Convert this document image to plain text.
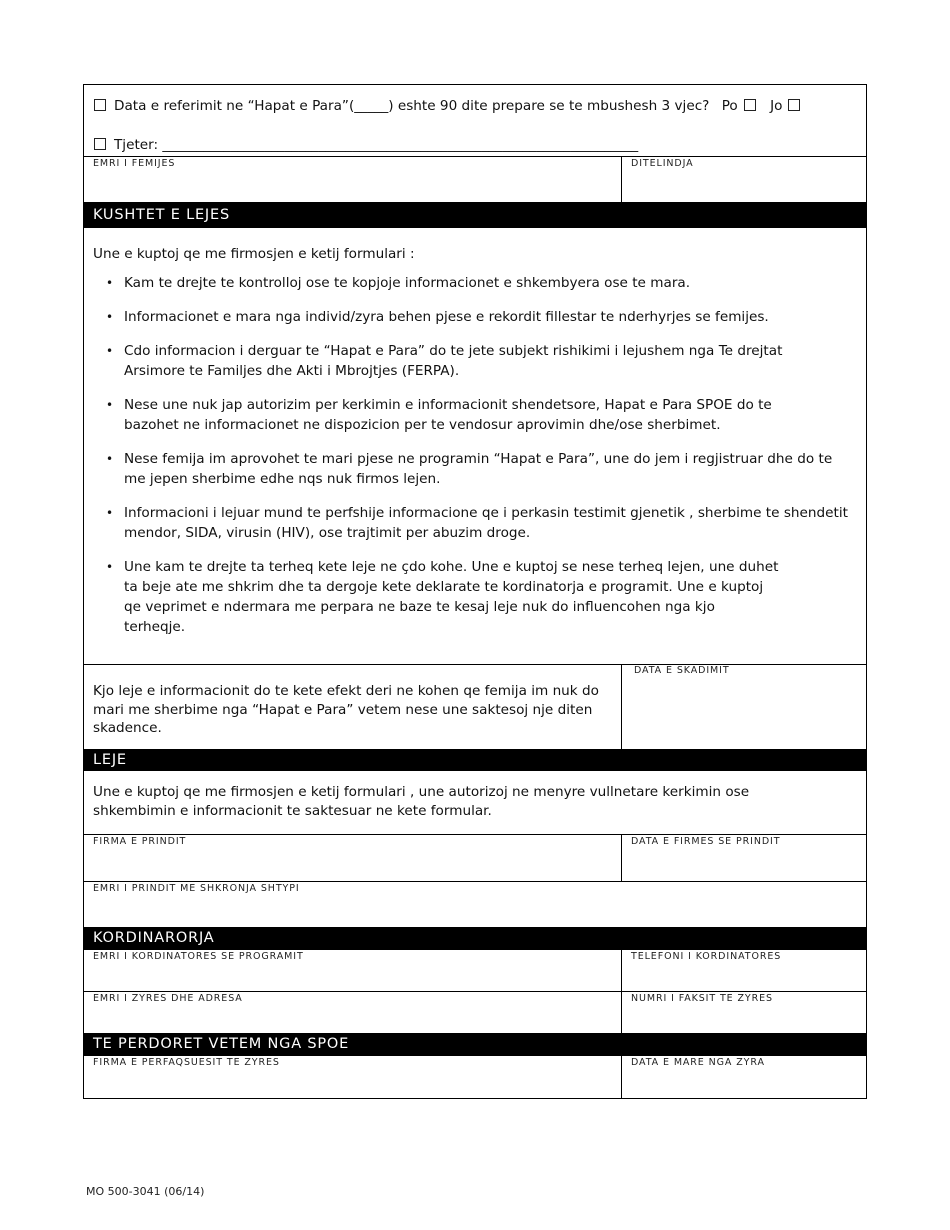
Data e referimit ne “Hapat e Para”(_____) eshte 90 dite prepare se te mbushesh 3 vjec? Po Jo
Tjeter: ______________________________________________________________________
EMRI I FEMIJES	DITELINDJA
KUSHTET E LEJES
Une e kuptoj qe me firmosjen e ketij formulari :
• Kam te drejte te kontrolloj ose te kopjoje informacionet e shkembyera ose te mara.
• Informacionet e mara nga individ/zyra behen pjese e rekordit fillestar te nderhyrjes se femijes.
• Cdo informacion i derguar te “Hapat e Para” do te jete subjekt rishikimi i lejushem nga Te drejtat
Arsimore te Familjes dhe Akti i Mbrojtjes (FERPA).
• Nese une nuk jap autorizim per kerkimin e informacionit shendetsore, Hapat e Para SPOE do te
bazohet ne informacionet ne dispozicion per te vendosur aprovimin dhe/ose sherbimet.
• Nese femija im aprovohet te mari pjese ne programin “Hapat e Para”, une do jem i regjistruar dhe do te
me jepen sherbime edhe nqs nuk firmos lejen.
• Informacioni i lejuar mund te perfshije informacione qe i perkasin testimit gjenetik , sherbime te shendetit
mendor, SIDA, virusin (HIV), ose trajtimit per abuzim droge.
• Une kam te drejte ta terheq kete leje ne çdo kohe. Une e kuptoj se nese terheq lejen, une duhet
ta beje ate me shkrim dhe ta dergoje kete deklarate te kordinatorja e programit. Une e kuptoj
qe veprimet e ndermara me perpara ne baze te kesaj leje nuk do influencohen nga kjo
terheqje.
Kjo leje e informacionit do te kete efekt deri ne kohen qe femija im nuk do
mari me sherbime nga “Hapat e Para” vetem nese une saktesoj nje diten
skadence.
DATA E SKADIMIT
LEJE
Une e kuptoj qe me firmosjen e ketij formulari , une autorizoj ne menyre vullnetare kerkimin ose
shkembimin e informacionit te saktesuar ne kete formular.
FIRMA E PRINDIT	DATA E FIRMES SE PRINDIT
EMRI I PRINDIT ME SHKRONJA SHTYPI
KORDINARORJA
EMRI I KORDINATORES SE PROGRAMIT	TELEFONI I KORDINATORES
EMRI I ZYRES DHE ADRESA	NUMRI I FAKSIT TE ZYRES
TE PERDORET VETEM NGA SPOE
FIRMA E PERFAQSUESIT TE ZYRES	DATA E MARE NGA ZYRA
MO 500-3041 (06/14)
